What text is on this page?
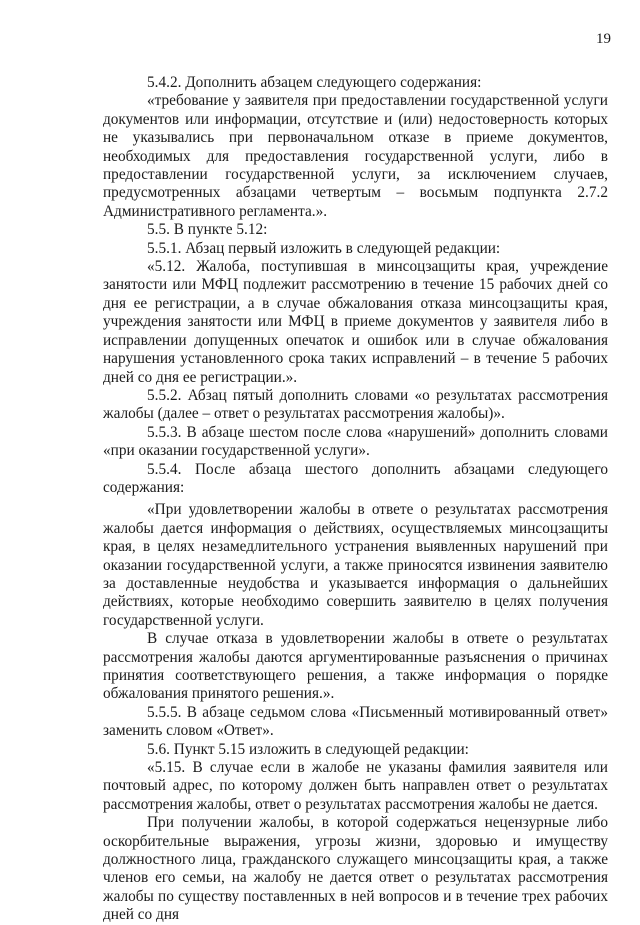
19

5.4.2. Дополнить абзацем следующего содержания:

«требование у заявителя при предоставлении государственной услуги документов или информации, отсутствие и (или) недостоверность которых не указывались при первоначальном отказе в приеме документов, необходимых для предоставления государственной услуги, либо в предоставлении государственной услуги, за исключением случаев, предусмотренных абзацами четвертым – восьмым подпункта 2.7.2 Административного регламента.».

5.5. В пункте 5.12:

5.5.1. Абзац первый изложить в следующей редакции:

«5.12. Жалоба, поступившая в минсоцзащиты края, учреждение занятости или МФЦ подлежит рассмотрению в течение 15 рабочих дней со дня ее регистрации, а в случае обжалования отказа минсоцзащиты края, учреждения занятости или МФЦ в приеме документов у заявителя либо в исправлении допущенных опечаток и ошибок или в случае обжалования нарушения установленного срока таких исправлений – в течение 5 рабочих дней со дня ее регистрации.».

5.5.2. Абзац пятый дополнить словами «о результатах рассмотрения жалобы (далее – ответ о результатах рассмотрения жалобы)».

5.5.3. В абзаце шестом после слова «нарушений» дополнить словами «при оказании государственной услуги».

5.5.4. После абзаца шестого дополнить абзацами следующего содержания:

«При удовлетворении жалобы в ответе о результатах рассмотрения жалобы дается информация о действиях, осуществляемых минсоцзащиты края, в целях незамедлительного устранения выявленных нарушений при оказании государственной услуги, а также приносятся извинения заявителю за доставленные неудобства и указывается информация о дальнейших действиях, которые необходимо совершить заявителю в целях получения государственной услуги.

В случае отказа в удовлетворении жалобы в ответе о результатах рассмотрения жалобы даются аргументированные разъяснения о причинах принятия соответствующего решения, а также информация о порядке обжалования принятого решения.».

5.5.5. В абзаце седьмом слова «Письменный мотивированный ответ» заменить словом «Ответ».

5.6. Пункт 5.15 изложить в следующей редакции:

«5.15. В случае если в жалобе не указаны фамилия заявителя или почтовый адрес, по которому должен быть направлен ответ о результатах рассмотрения жалобы, ответ о результатах рассмотрения жалобы не дается.

При получении жалобы, в которой содержаться нецензурные либо оскорбительные выражения, угрозы жизни, здоровью и имуществу должностного лица, гражданского служащего минсоцзащиты края, а также членов его семьи, на жалобу не дается ответ о результатах рассмотрения жалобы по существу поставленных в ней вопросов и в течение трех рабочих дней со дня
